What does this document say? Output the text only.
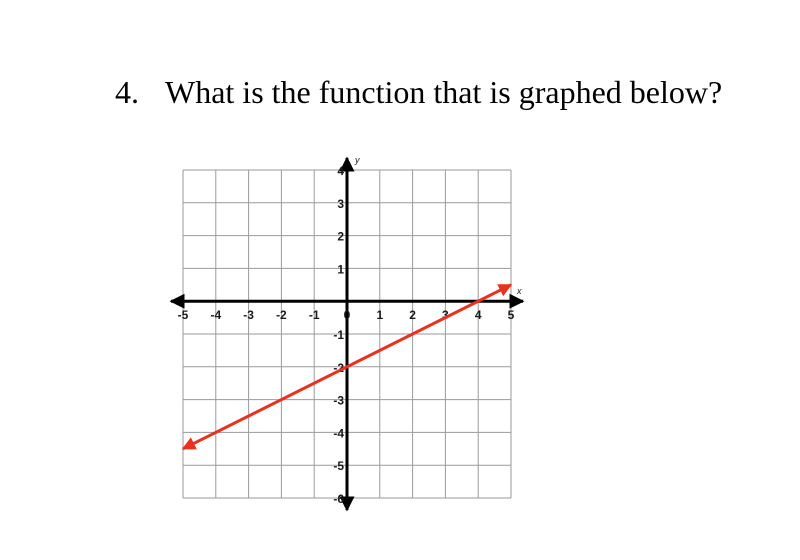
4. What is the function that is graphed below?
x
y
-5 -4 -3 -2 -1 0 1 2 3 4 5
4
3
2
1
-1
-2
-3
-4
-5
-6
